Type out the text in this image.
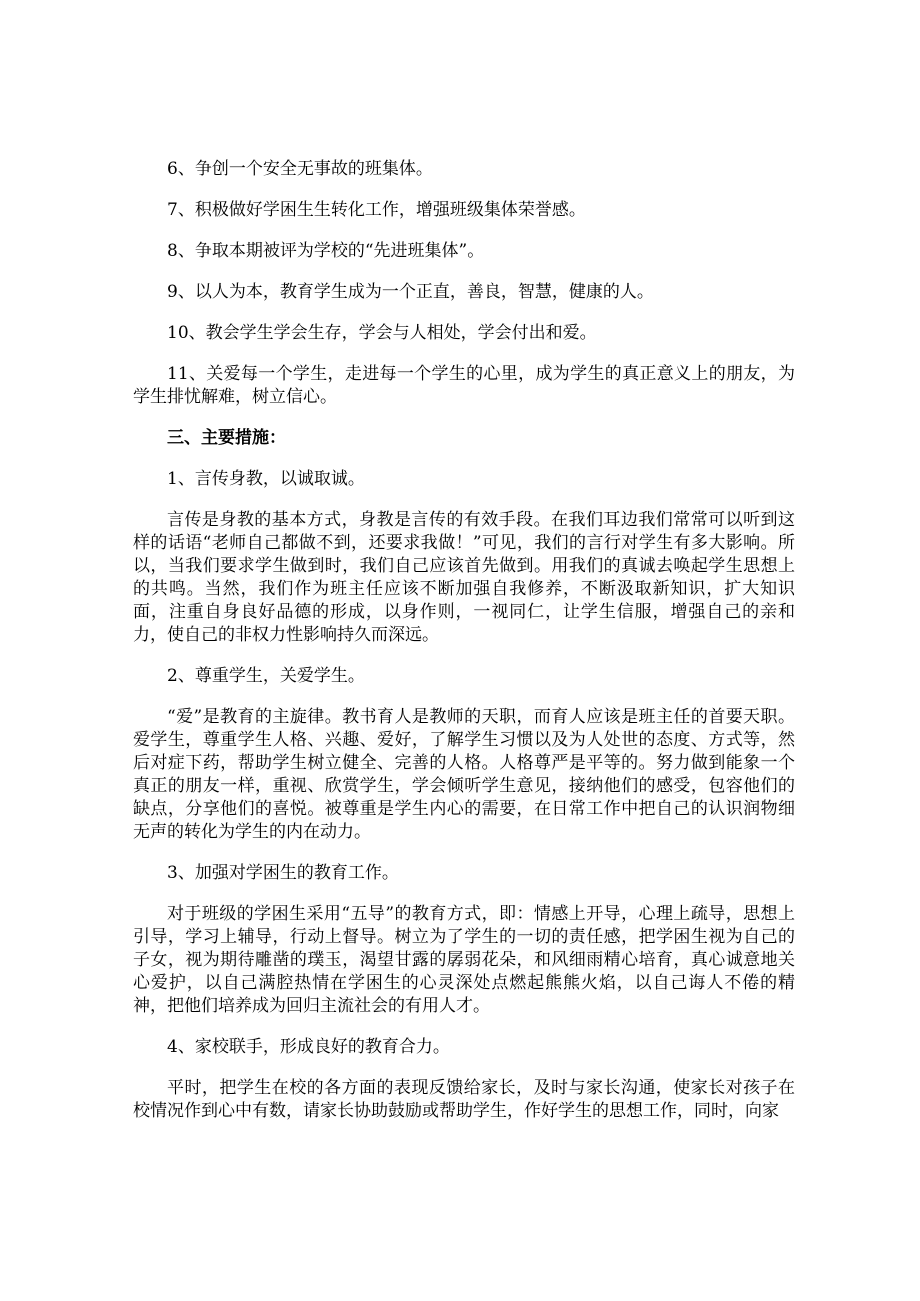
6、争创一个安全无事故的班集体。

7、积极做好学困生生转化工作，增强班级集体荣誉感。

8、争取本期被评为学校的“先进班集体”。

9、以人为本，教育学生成为一个正直，善良，智慧，健康的人。

10、教会学生学会生存，学会与人相处，学会付出和爱。

11、关爱每一个学生，走进每一个学生的心里，成为学生的真正意义上的朋友，为学生排忧解难，树立信心。

三、主要措施：

1、言传身教，以诚取诚。

言传是身教的基本方式，身教是言传的有效手段。在我们耳边我们常常可以听到这样的话语“老师自己都做不到，还要求我做！”可见，我们的言行对学生有多大影响。所以，当我们要求学生做到时，我们自己应该首先做到。用我们的真诚去唤起学生思想上的共鸣。当然，我们作为班主任应该不断加强自我修养，不断汲取新知识，扩大知识面，注重自身良好品德的形成，以身作则，一视同仁，让学生信服，增强自己的亲和力，使自己的非权力性影响持久而深远。

2、尊重学生，关爱学生。

“爱”是教育的主旋律。教书育人是教师的天职，而育人应该是班主任的首要天职。爱学生，尊重学生人格、兴趣、爱好，了解学生习惯以及为人处世的态度、方式等，然后对症下药，帮助学生树立健全、完善的人格。人格尊严是平等的。努力做到能象一个真正的朋友一样，重视、欣赏学生，学会倾听学生意见，接纳他们的感受，包容他们的缺点，分享他们的喜悦。被尊重是学生内心的需要，在日常工作中把自己的认识润物细无声的转化为学生的内在动力。

3、加强对学困生的教育工作。

对于班级的学困生采用“五导”的教育方式，即：情感上开导，心理上疏导，思想上引导，学习上辅导，行动上督导。树立为了学生的一切的责任感，把学困生视为自己的子女，视为期待雕凿的璞玉，渴望甘露的孱弱花朵，和风细雨精心培育，真心诚意地关心爱护，以自己满腔热情在学困生的心灵深处点燃起熊熊火焰，以自己诲人不倦的精神，把他们培养成为回归主流社会的有用人才。

4、家校联手，形成良好的教育合力。

平时，把学生在校的各方面的表现反馈给家长，及时与家长沟通，使家长对孩子在校情况作到心中有数，请家长协助鼓励或帮助学生，作好学生的思想工作，同时，向家
